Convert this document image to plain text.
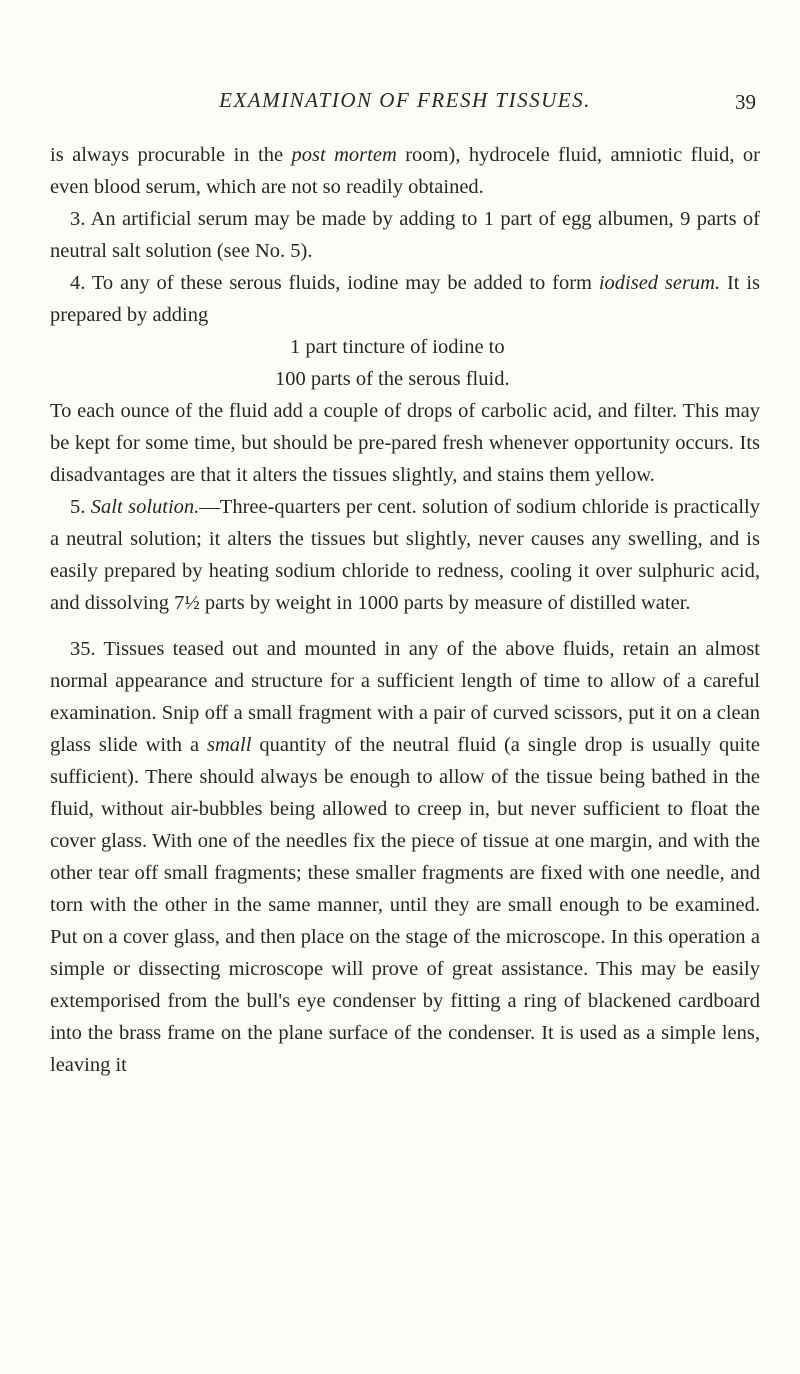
EXAMINATION OF FRESH TISSUES.	39

is always procurable in the post mortem room), hydrocele fluid, amniotic fluid, or even blood serum, which are not so readily obtained.

3. An artificial serum may be made by adding to 1 part of egg albumen, 9 parts of neutral salt solution (see No. 5).

4. To any of these serous fluids, iodine may be added to form iodised serum. It is prepared by adding

1 part tincture of iodine to

100 parts of the serous fluid.

To each ounce of the fluid add a couple of drops of carbolic acid, and filter. This may be kept for some time, but should be pre-pared fresh whenever opportunity occurs. Its disadvantages are that it alters the tissues slightly, and stains them yellow.

5. Salt solution.—Three-quarters per cent. solution of sodium chloride is practically a neutral solution; it alters the tissues but slightly, never causes any swelling, and is easily prepared by heating sodium chloride to redness, cooling it over sulphuric acid, and dissolving 7½ parts by weight in 1000 parts by measure of distilled water.

35. Tissues teased out and mounted in any of the above fluids, retain an almost normal appearance and structure for a sufficient length of time to allow of a careful examination. Snip off a small fragment with a pair of curved scissors, put it on a clean glass slide with a small quantity of the neutral fluid (a single drop is usually quite sufficient). There should always be enough to allow of the tissue being bathed in the fluid, without air-bubbles being allowed to creep in, but never sufficient to float the cover glass. With one of the needles fix the piece of tissue at one margin, and with the other tear off small fragments; these smaller fragments are fixed with one needle, and torn with the other in the same manner, until they are small enough to be examined. Put on a cover glass, and then place on the stage of the microscope. In this operation a simple or dissecting microscope will prove of great assistance. This may be easily extemporised from the bull's eye condenser by fitting a ring of blackened cardboard into the brass frame on the plane surface of the condenser. It is used as a simple lens, leaving it
